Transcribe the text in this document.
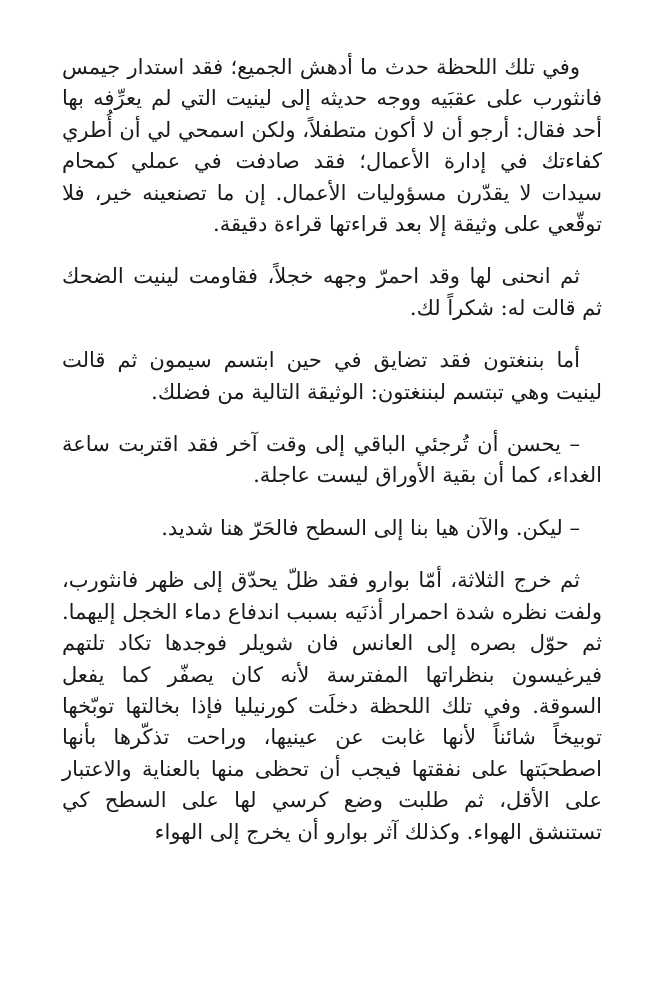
وفي تلك اللحظة حدث ما أدهش الجميع؛ فقد استدار جيمس فانثورب على عقبَيه ووجه حديثه إلى لينيت التي لم يعرِّفه بها أحد فقال: أرجو أن لا أكون متطفلاً، ولكن اسمحي لي أن أُطري كفاءتك في إدارة الأعمال؛ فقد صادفت في عملي كمحام سيدات لا يقدّرن مسؤوليات الأعمال. إن ما تصنعينه خير، فلا توقّعي على وثيقة إلا بعد قراءتها قراءة دقيقة.

ثم انحنى لها وقد احمرّ وجهه خجلاً، فقاومت لينيت الضحك ثم قالت له: شكراً لك.

أما بننغتون فقد تضايق في حين ابتسم سيمون ثم قالت لينيت وهي تبتسم لبننغتون: الوثيقة التالية من فضلك.

– يحسن أن تُرجئي الباقي إلى وقت آخر فقد اقتربت ساعة الغداء، كما أن بقية الأوراق ليست عاجلة.

– ليكن. والآن هيا بنا إلى السطح فالحَرّ هنا شديد.

ثم خرج الثلاثة، أمّا بوارو فقد ظلّ يحدّق إلى ظهر فانثورب، ولفت نظره شدة احمرار أذنَيه بسبب اندفاع دماء الخجل إليهما. ثم حوّل بصره إلى العانس فان شويلر فوجدها تكاد تلتهم فيرغيسون بنظراتها المفترسة لأنه كان يصفّر كما يفعل السوقة. وفي تلك اللحظة دخلَت كورنيليا فإذا بخالتها توبّخها توبيخاً شائناً لأنها غابت عن عينيها، وراحت تذكّرها بأنها اصطحبَتها على نفقتها فيجب أن تحظى منها بالعناية والاعتبار على الأقل، ثم طلبت وضع كرسي لها على السطح كي تستنشق الهواء. وكذلك آثر بوارو أن يخرج إلى الهواء
